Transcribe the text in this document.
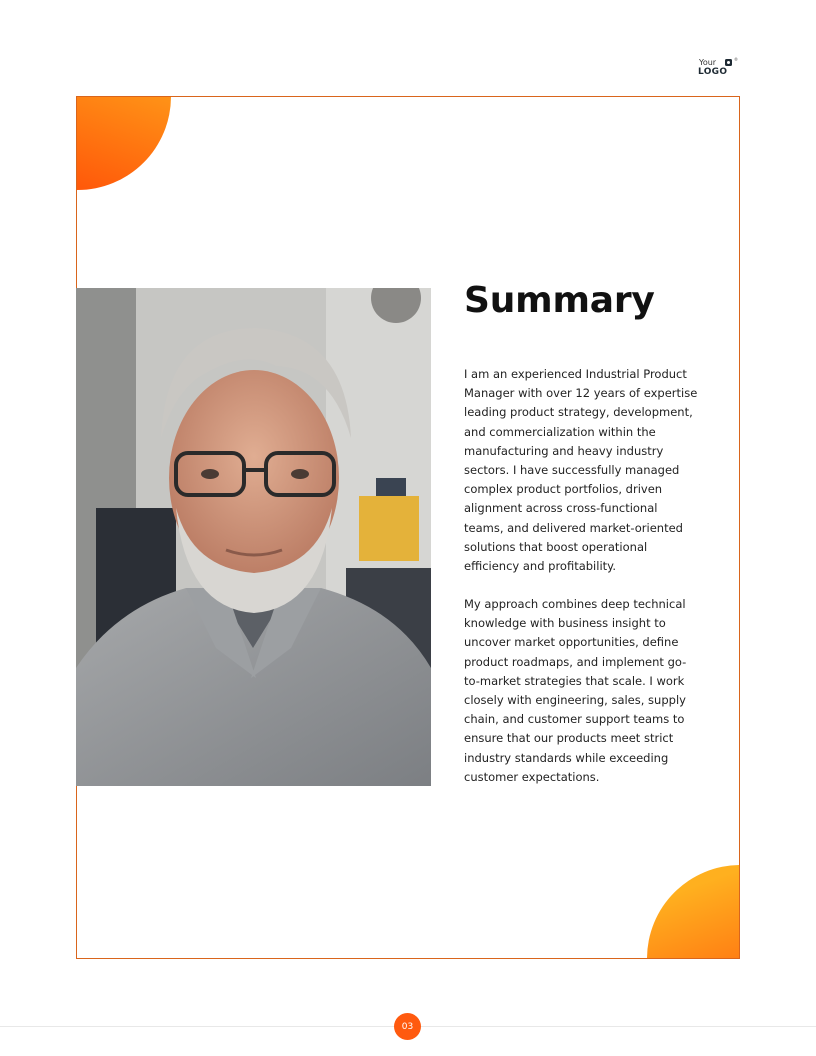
Your	®
LOGO
Summary

I am an experienced Industrial Product Manager with over 12 years of expertise leading product strategy, development, and commercialization within the manufacturing and heavy industry sectors. I have successfully managed complex product portfolios, driven alignment across cross-functional teams, and delivered market-oriented solutions that boost operational efficiency and profitability.

My approach combines deep technical knowledge with business insight to uncover market opportunities, define product roadmaps, and implement go-to-market strategies that scale. I work closely with engineering, sales, supply chain, and customer support teams to ensure that our products meet strict industry standards while exceeding customer expectations.

03
